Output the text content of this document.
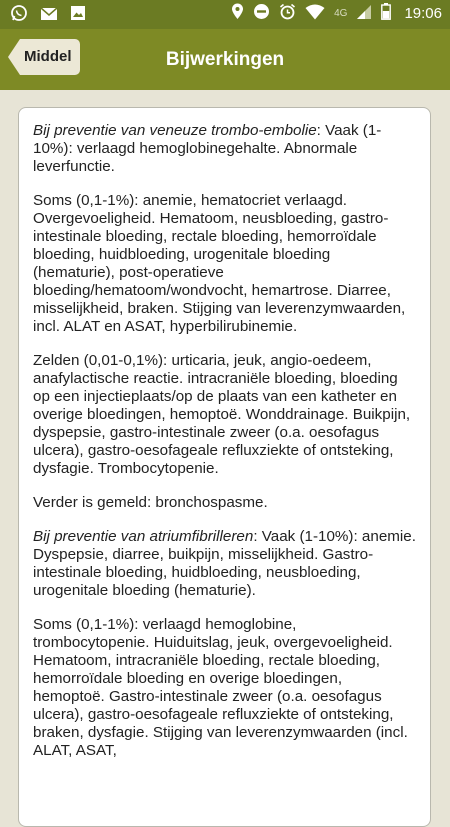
4G	19:06
Middel	Bijwerkingen

Bij preventie van veneuze trombo-embolie: Vaak (1-10%): verlaagd hemoglobinegehalte. Abnormale leverfunctie.

Soms (0,1-1%): anemie, hematocriet verlaagd. Overgevoeligheid. Hematoom, neusbloeding, gastro-intestinale bloeding, rectale bloeding, hemorroïdale bloeding, huidbloeding, urogenitale bloeding (hematurie), post-operatieve bloeding/hematoom/wondvocht, hemartrose. Diarree, misselijkheid, braken. Stijging van leverenzymwaarden, incl. ALAT en ASAT, hyperbilirubinemie.

Zelden (0,01-0,1%): urticaria, jeuk, angio-oedeem, anafylactische reactie. intracraniële bloeding, bloeding op een injectieplaats/op de plaats van een katheter en overige bloedingen, hemoptoë. Wonddrainage. Buikpijn, dyspepsie, gastro-intestinale zweer (o.a. oesofagus ulcera), gastro-oesofageale refluxziekte of ontsteking, dysfagie. Trombocytopenie.

Verder is gemeld: bronchospasme.

Bij preventie van atriumfibrilleren: Vaak (1-10%): anemie. Dyspepsie, diarree, buikpijn, misselijkheid. Gastro-intestinale bloeding, huidbloeding, neusbloeding, urogenitale bloeding (hematurie).

Soms (0,1-1%): verlaagd hemoglobine, trombocytopenie. Huiduitslag, jeuk, overgevoeligheid. Hematoom, intracraniële bloeding, rectale bloeding, hemorroïdale bloeding en overige bloedingen, hemoptoë. Gastro-intestinale zweer (o.a. oesofagus ulcera), gastro-oesofageale refluxziekte of ontsteking, braken, dysfagie. Stijging van leverenzymwaarden (incl. ALAT, ASAT,
